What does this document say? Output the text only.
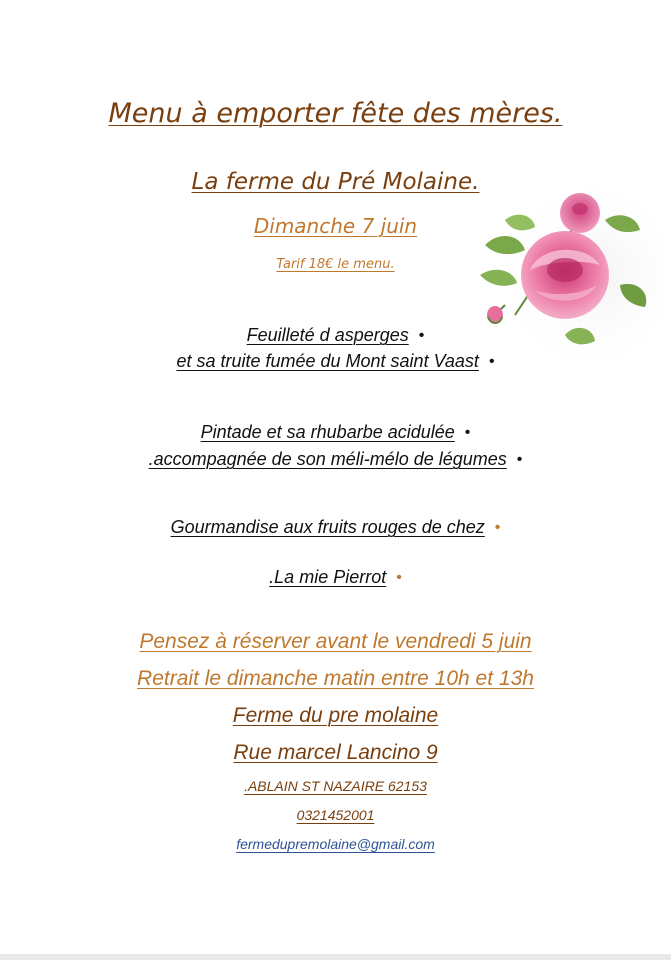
Menu à emporter fête des mères.
La ferme du Pré Molaine.
Dimanche 7 juin
Tarif 18€ le menu.
Feuilleté d asperges •
et sa truite fumée du Mont saint Vaast •
Pintade et sa rhubarbe acidulée •
.accompagnée de son méli-mélo de légumes •
Gourmandise aux fruits rouges de chez •
.La mie Pierrot •
Pensez à réserver avant le vendredi 5 juin
Retrait le dimanche matin entre 10h et 13h
Ferme du pre molaine
Rue marcel Lancino 9
.ABLAIN ST NAZAIRE 62153
0321452001
fermedupremolaine@gmail.com
